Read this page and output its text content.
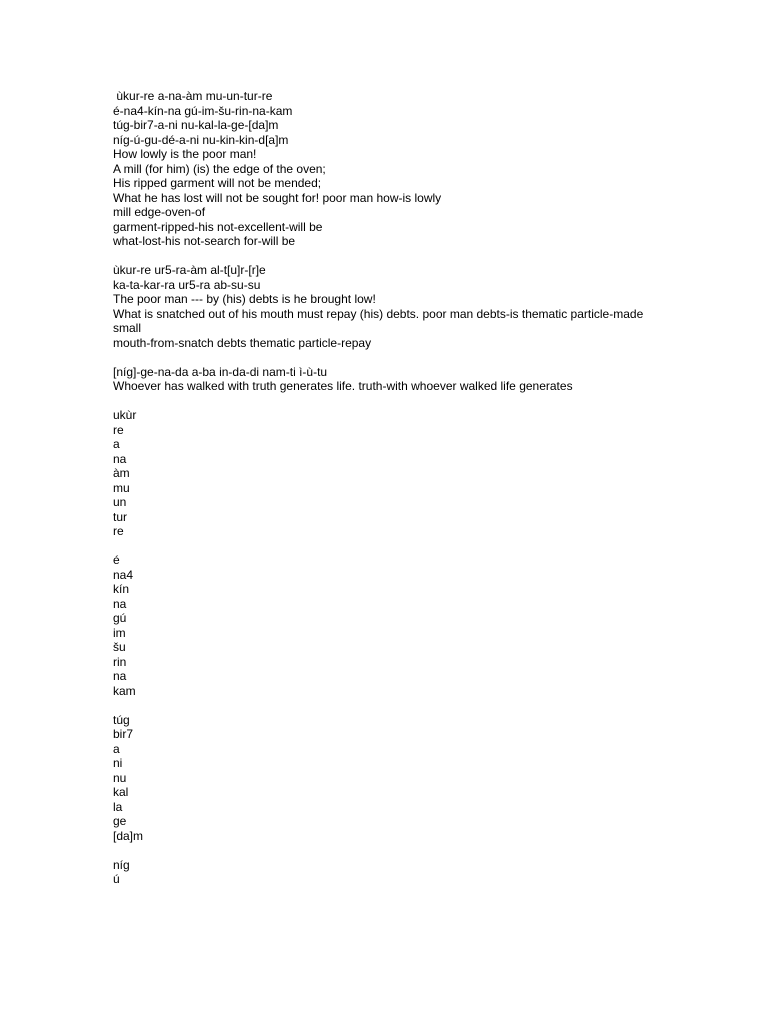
ùkur-re a-na-àm mu-un-tur-re
é-na4-kín-na gú-im-šu-rin-na-kam
túg-bir7-a-ni nu-kal-la-ge-[da]m
níg-ú-gu-dé-a-ni nu-kin-kin-d[a]m
How lowly is the poor man!
A mill (for him) (is) the edge of the oven;
His ripped garment will not be mended;
What he has lost will not be sought for! poor man how-is lowly
mill edge-oven-of
garment-ripped-his not-excellent-will be
what-lost-his not-search for-will be
ùkur-re ur5-ra-àm al-t[u]r-[r]e
ka-ta-kar-ra ur5-ra ab-su-su
The poor man --- by (his) debts is he brought low!
What is snatched out of his mouth must repay (his) debts. poor man debts-is thematic particle-made small
mouth-from-snatch debts thematic particle-repay
[níg]-ge-na-da a-ba in-da-di nam-ti ì-ù-tu
Whoever has walked with truth generates life. truth-with whoever walked life generates
ukùr
re
a
na
àm
mu
un
tur
re
é
na4
kín
na
gú
im
šu
rin
na
kam
túg
bir7
a
ni
nu
kal
la
ge
[da]m
níg
ú
